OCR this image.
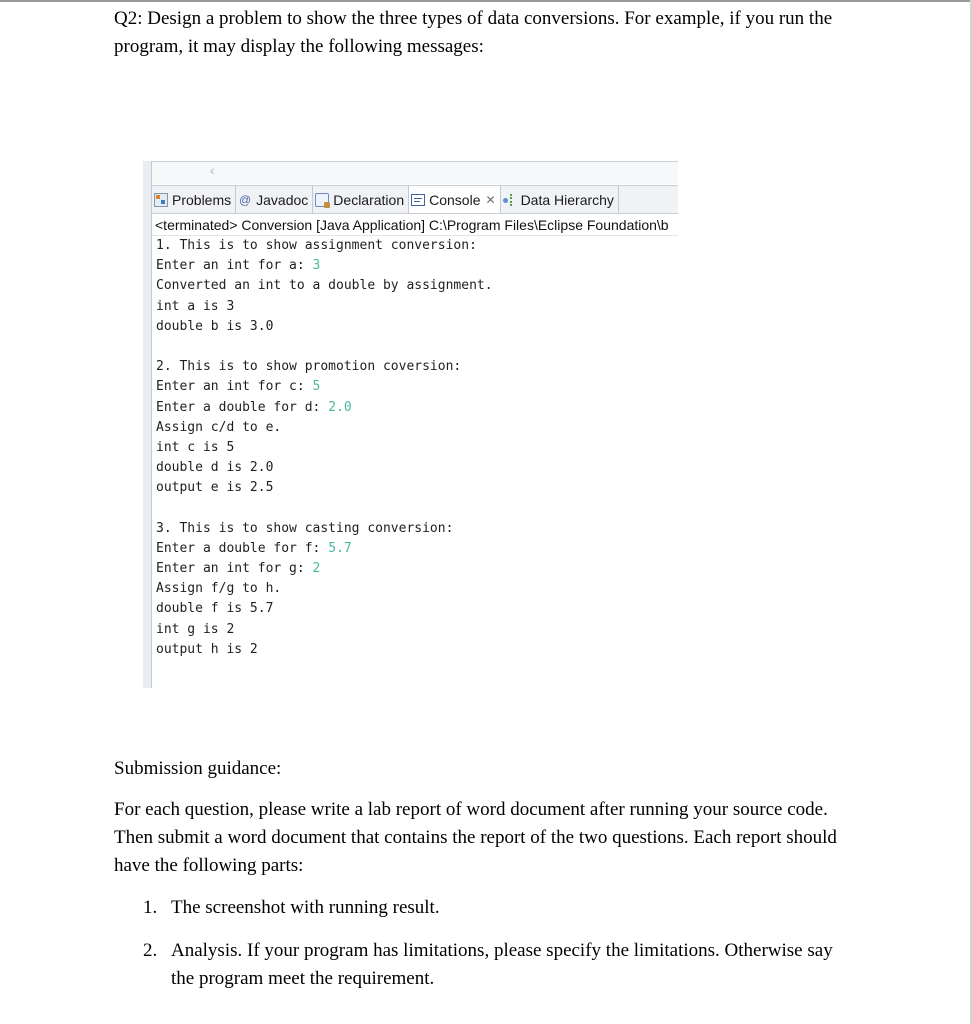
Q2: Design a problem to show the three types of data conversions. For example, if you run the program, it may display the following messages:
‹
Problems @ Javadoc Declaration Console ✕ Data Hierarchy
<terminated> Conversion [Java Application] C:\Program Files\Eclipse Foundation\b
1. This is to show assignment conversion:
Enter an int for a: 3
Converted an int to a double by assignment.
int a is 3
double b is 3.0
2. This is to show promotion coversion:
Enter an int for c: 5
Enter a double for d: 2.0
Assign c/d to e.
int c is 5
double d is 2.0
output e is 2.5
3. This is to show casting conversion:
Enter a double for f: 5.7
Enter an int for g: 2
Assign f/g to h.
double f is 5.7
int g is 2
output h is 2
Submission guidance:
For each question, please write a lab report of word document after running your source code. Then submit a word document that contains the report of the two questions. Each report should have the following parts:
1. The screenshot with running result.
2. Analysis. If your program has limitations, please specify the limitations. Otherwise say the program meet the requirement.
